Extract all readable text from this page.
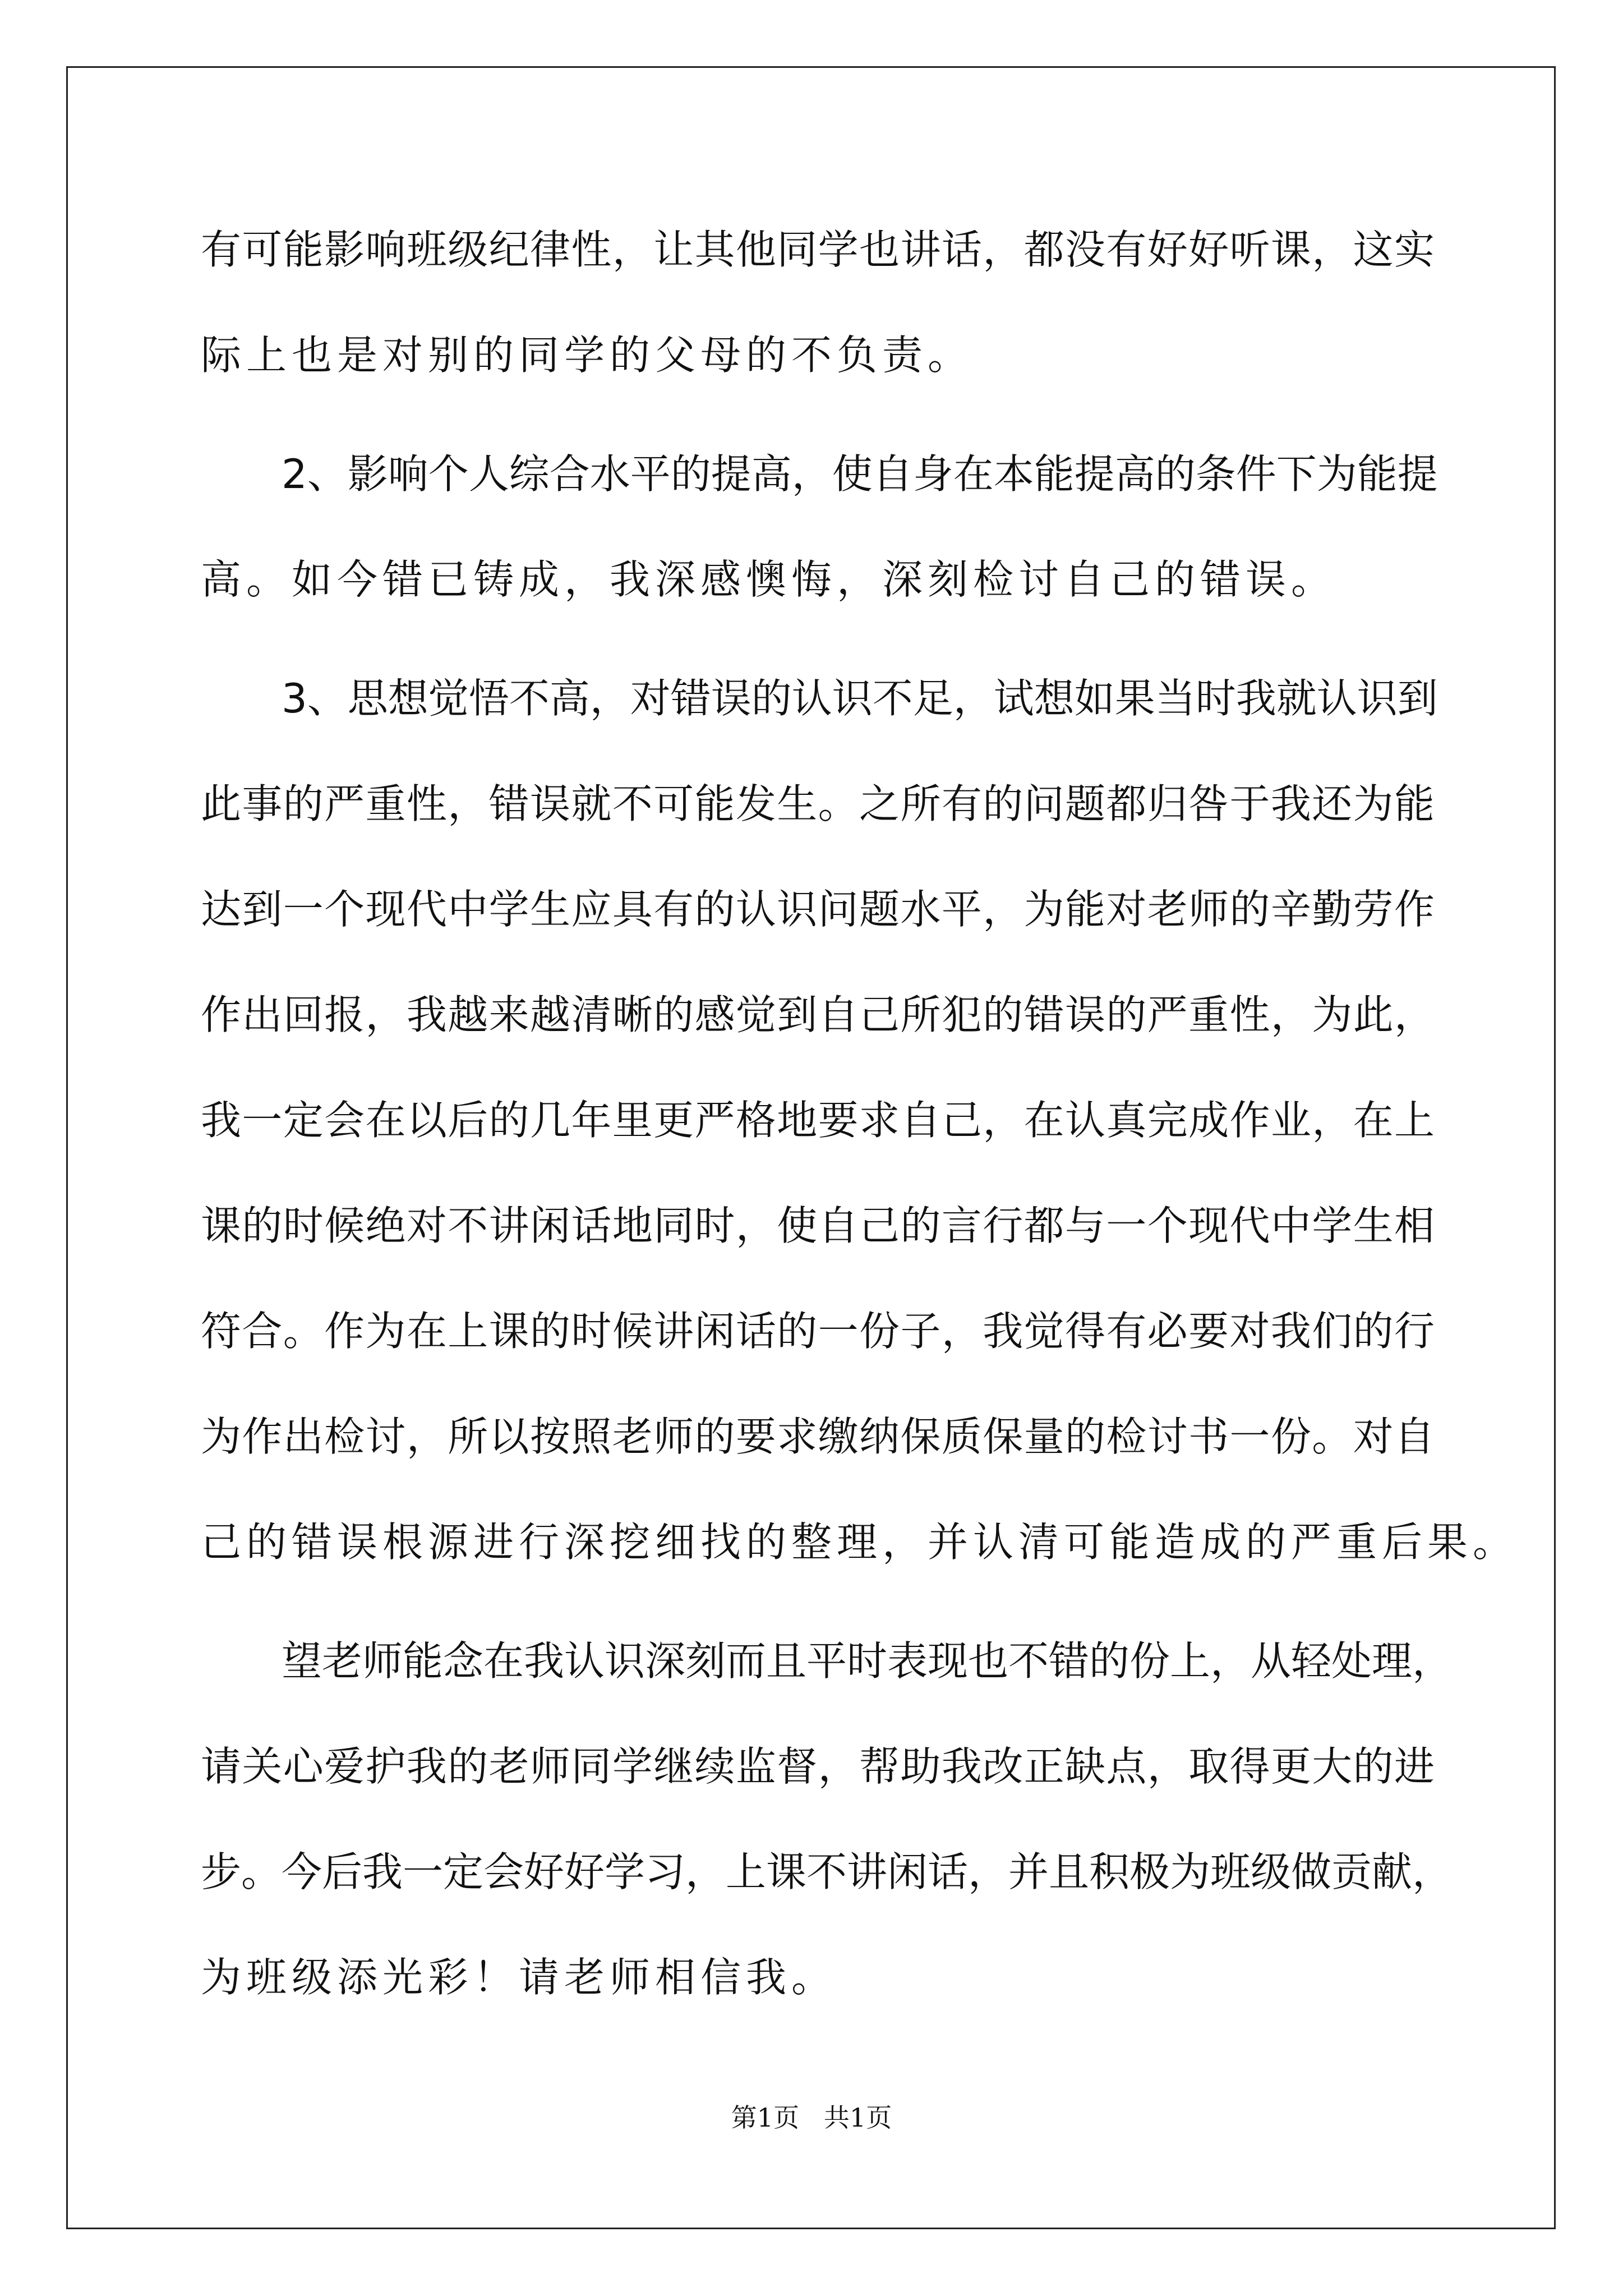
有可能影响班级纪律性，让其他同学也讲话，都没有好好听课，这实
际上也是对别的同学的父母的不负责。
　　2、影响个人综合水平的提高，使自身在本能提高的条件下为能提
高。如今错已铸成，我深感懊悔，深刻检讨自己的错误。
　　3、思想觉悟不高，对错误的认识不足，试想如果当时我就认识到
此事的严重性，错误就不可能发生。之所有的问题都归咎于我还为能
达到一个现代中学生应具有的认识问题水平，为能对老师的辛勤劳作
作出回报，我越来越清晰的感觉到自己所犯的错误的严重性，为此，
我一定会在以后的几年里更严格地要求自己，在认真完成作业，在上
课的时候绝对不讲闲话地同时，使自己的言行都与一个现代中学生相
符合。作为在上课的时候讲闲话的一份子，我觉得有必要对我们的行
为作出检讨，所以按照老师的要求缴纳保质保量的检讨书一份。对自
己的错误根源进行深挖细找的整理，并认清可能造成的严重后果。
　　望老师能念在我认识深刻而且平时表现也不错的份上，从轻处理，
请关心爱护我的老师同学继续监督，帮助我改正缺点，取得更大的进
步。今后我一定会好好学习，上课不讲闲话，并且积极为班级做贡献，
为班级添光彩！请老师相信我。
第1页   共1页
